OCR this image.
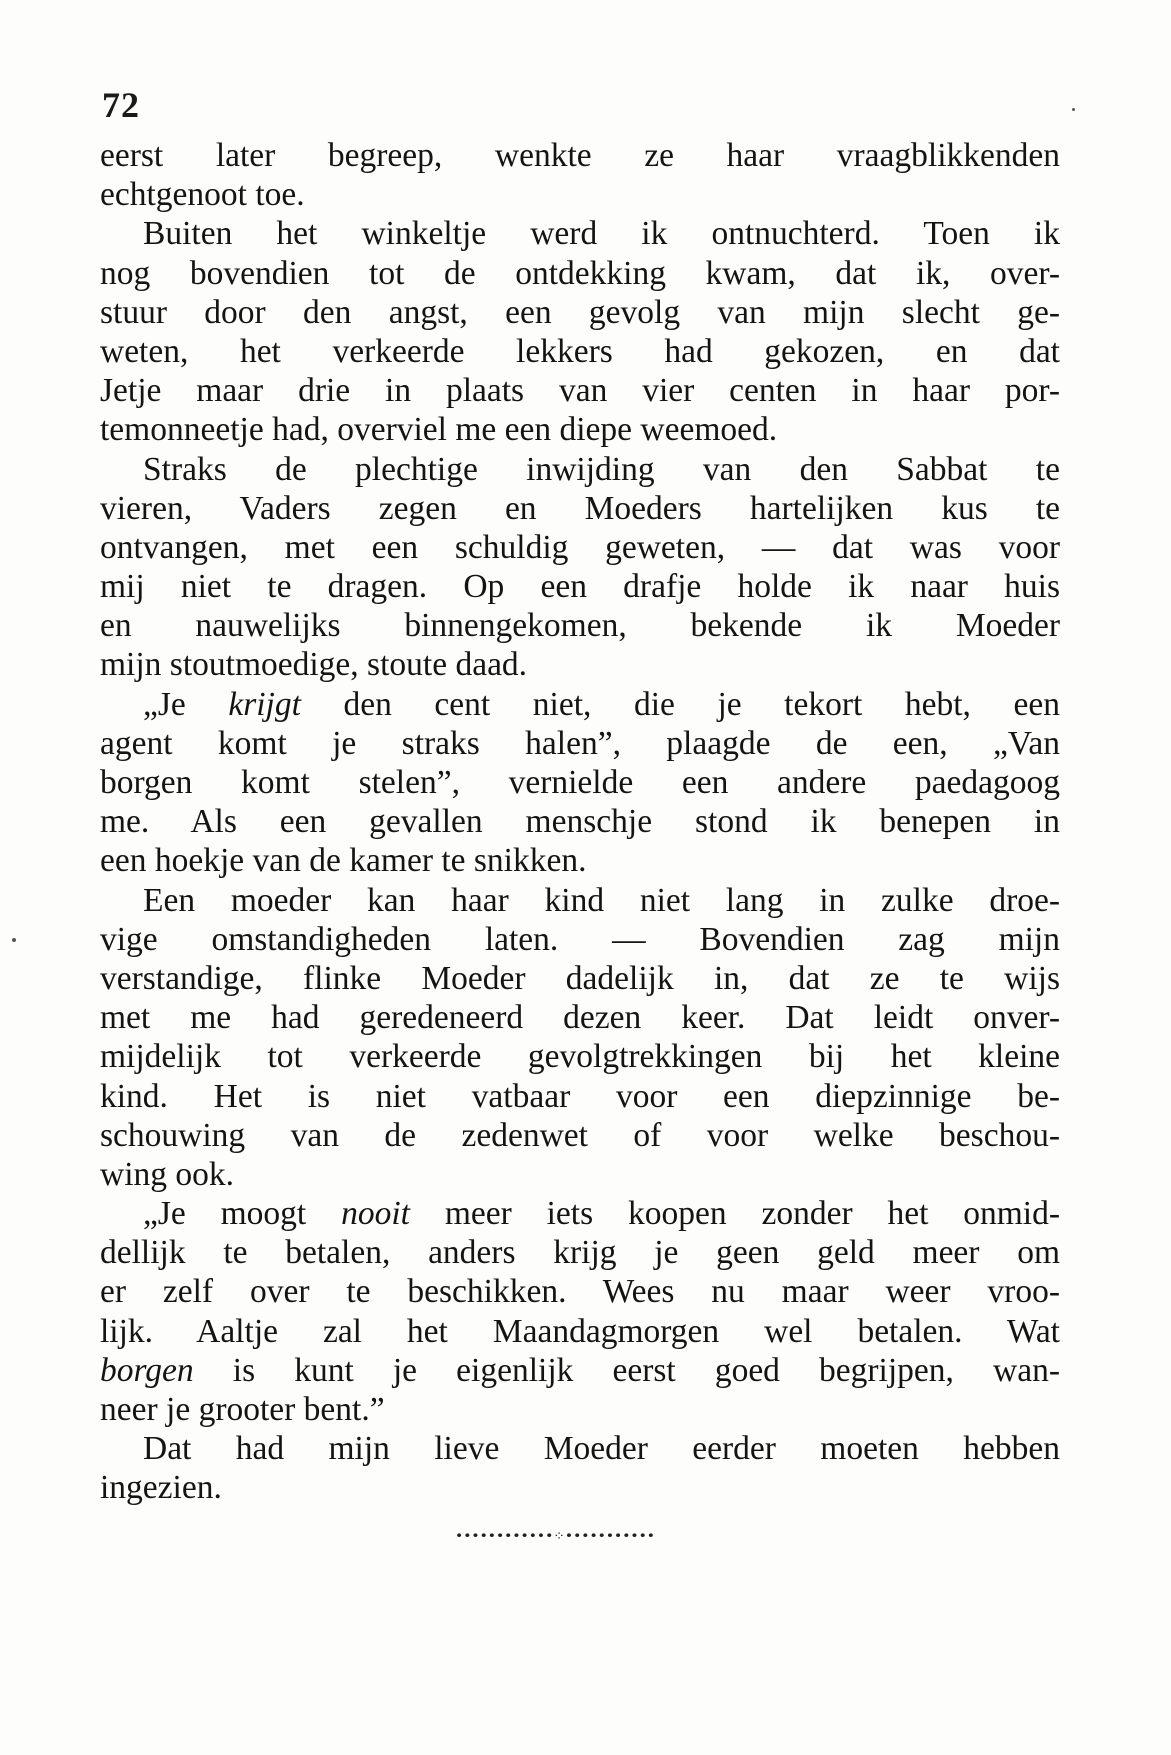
72
eerst later begreep, wenkte ze haar vraagblikkenden
echtgenoot toe.
Buiten het winkeltje werd ik ontnuchterd. Toen ik
nog bovendien tot de ontdekking kwam, dat ik, over-
stuur door den angst, een gevolg van mijn slecht ge-
weten, het verkeerde lekkers had gekozen, en dat
Jetje maar drie in plaats van vier centen in haar por-
temonneetje had, overviel me een diepe weemoed.
Straks de plechtige inwijding van den Sabbat te
vieren, Vaders zegen en Moeders hartelijken kus te
ontvangen, met een schuldig geweten, — dat was voor
mij niet te dragen. Op een drafje holde ik naar huis
en nauwelijks binnengekomen, bekende ik Moeder
mijn stoutmoedige, stoute daad.
„Je krijgt den cent niet, die je tekort hebt, een
agent komt je straks halen”, plaagde de een, „Van
borgen komt stelen”, vernielde een andere paedagoog
me. Als een gevallen menschje stond ik benepen in
een hoekje van de kamer te snikken.
Een moeder kan haar kind niet lang in zulke droe-
vige omstandigheden laten. — Bovendien zag mijn
verstandige, flinke Moeder dadelijk in, dat ze te wijs
met me had geredeneerd dezen keer. Dat leidt onver-
mijdelijk tot verkeerde gevolgtrekkingen bij het kleine
kind. Het is niet vatbaar voor een diepzinnige be-
schouwing van de zedenwet of voor welke beschou-
wing ook.
„Je moogt nooit meer iets koopen zonder het onmid-
dellijk te betalen, anders krijg je geen geld meer om
er zelf over te beschikken. Wees nu maar weer vroo-
lijk. Aaltje zal het Maandagmorgen wel betalen. Wat
borgen is kunt je eigenlijk eerst goed begrijpen, wan-
neer je grooter bent.”
Dat had mijn lieve Moeder eerder moeten hebben
ingezien.
••••••••••••⁘•••••••••••
